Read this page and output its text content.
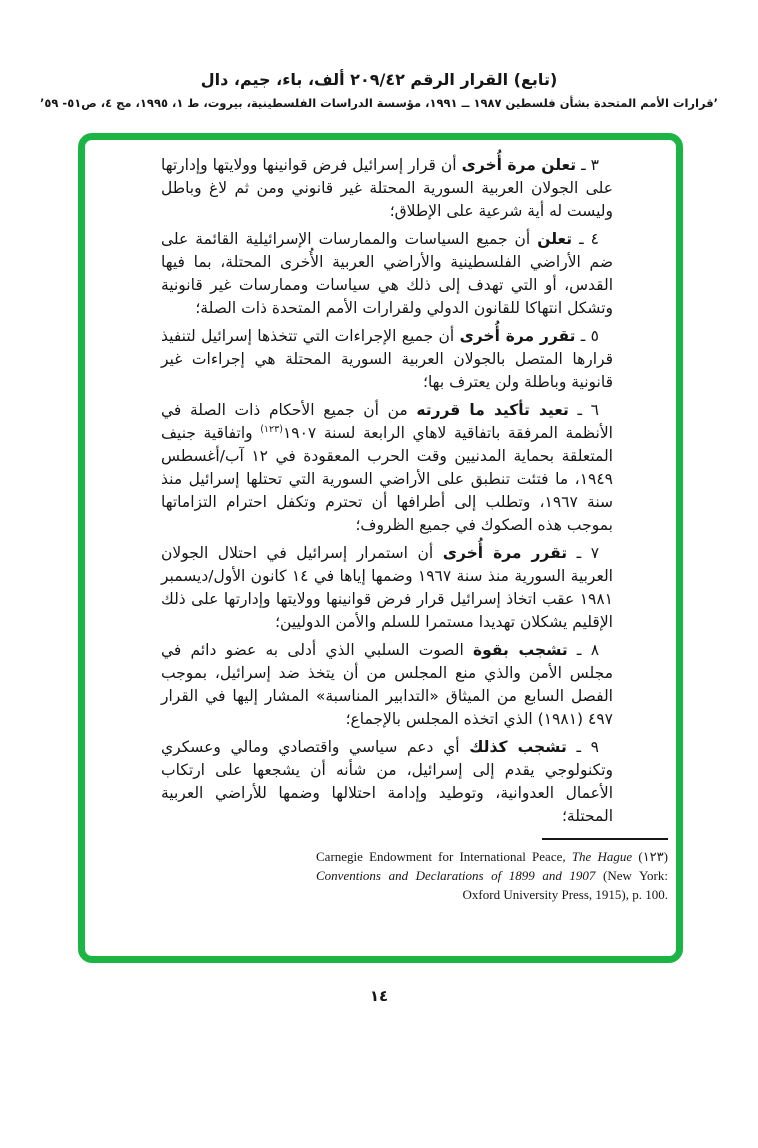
(تابع) القرار الرقم ٢٠٩/٤٢ ألف، باء، جيم، دال
’قرارات الأمم المتحدة بشأن فلسطين ١٩٨٧ ــ ١٩٩١، مؤسسة الدراسات الفلسطينية، بيروت، ط ١، ١٩٩٥، مج ٤، ص٥١- ٥٩’

٣ ـ تعلن مرة أُخرى أن قرار إسرائيل فرض قوانينها وولايتها وإدارتها على الجولان العربية السورية المحتلة غير قانوني ومن ثم لاغ وباطل وليست له أية شرعية على الإطلاق؛

٤ ـ تعلن أن جميع السياسات والممارسات الإسرائيلية القائمة على ضم الأراضي الفلسطينية والأراضي العربية الأُخرى المحتلة، بما فيها القدس، أو التي تهدف إلى ذلك هي سياسات وممارسات غير قانونية وتشكل انتهاكا للقانون الدولي ولقرارات الأمم المتحدة ذات الصلة؛

٥ ـ تقرر مرة أُخرى أن جميع الإجراءات التي تتخذها إسرائيل لتنفيذ قرارها المتصل بالجولان العربية السورية المحتلة هي إجراءات غير قانونية وباطلة ولن يعترف بها؛

٦ ـ تعيد تأكيد ما قررته من أن جميع الأحكام ذات الصلة في الأنظمة المرفقة باتفاقية لاهاي الرابعة لسنة ١٩٠٧$^{(١٢٣)}$ واتفاقية جنيف المتعلقة بحماية المدنيين وقت الحرب المعقودة في ١٢ آب/أغسطس ١٩٤٩، ما فتئت تنطبق على الأراضي السورية التي تحتلها إسرائيل منذ سنة ١٩٦٧، وتطلب إلى أطرافها أن تحترم وتكفل احترام التزاماتها بموجب هذه الصكوك في جميع الظروف؛

٧ ـ تقرر مرة أُخرى أن استمرار إسرائيل في احتلال الجولان العربية السورية منذ سنة ١٩٦٧ وضمها إياها في ١٤ كانون الأول/ديسمبر ١٩٨١ عقب اتخاذ إسرائيل قرار فرض قوانينها وولايتها وإدارتها على ذلك الإقليم يشكلان تهديدا مستمرا للسلم والأمن الدوليين؛

٨ ـ تشجب بقوة الصوت السلبي الذي أدلى به عضو دائم في مجلس الأمن والذي منع المجلس من أن يتخذ ضد إسرائيل، بموجب الفصل السابع من الميثاق «التدابير المناسبة» المشار إليها في القرار ٤٩٧ (١٩٨١) الذي اتخذه المجلس بالإجماع؛

٩ ـ تشجب كذلك أي دعم سياسي واقتصادي ومالي وعسكري وتكنولوجي يقدم إلى إسرائيل، من شأنه أن يشجعها على ارتكاب الأعمال العدوانية، وتوطيد وإدامة احتلالها وضمها للأراضي العربية المحتلة؛

(١٢٣) Carnegie Endowment for International Peace, The Hague Conventions and Declarations of 1899 and 1907 (New York: Oxford University Press, 1915), p. 100.
١٤
